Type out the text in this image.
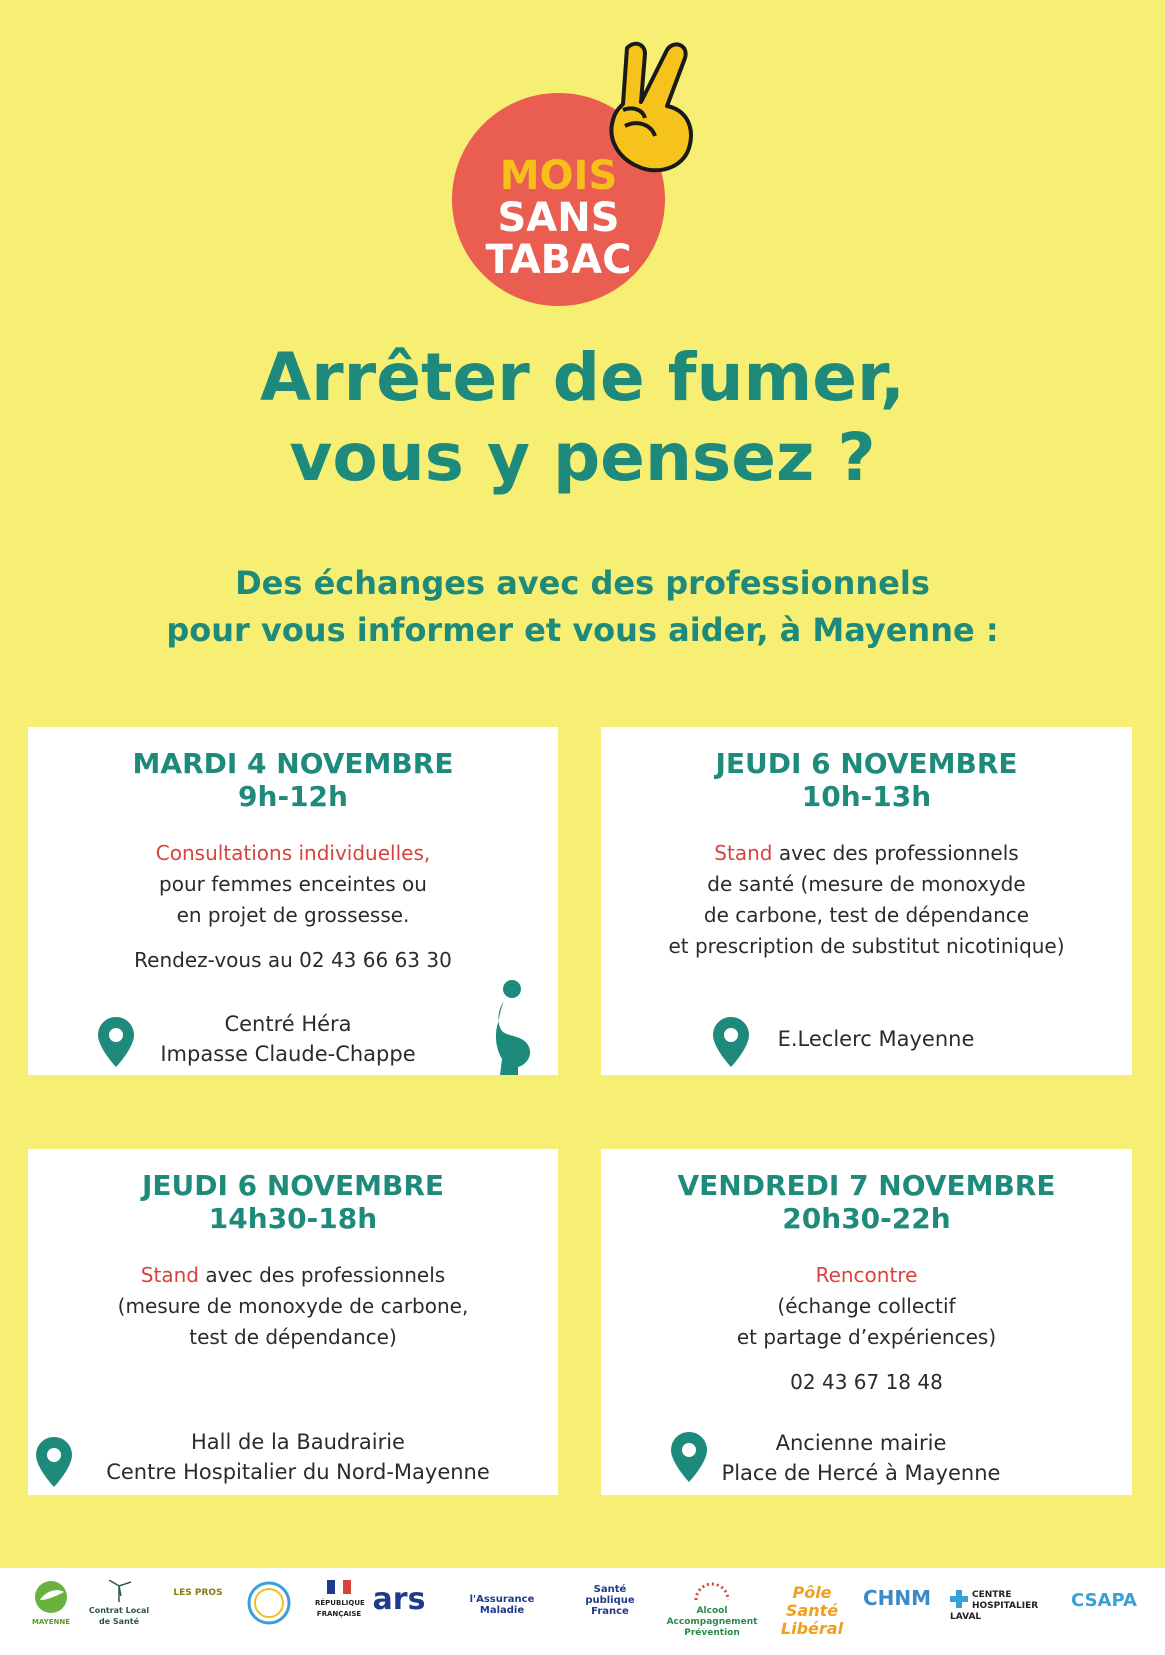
MOIS
SANS
TABAC
Arrêter de fumer,
vous y pensez ?
Des échanges avec des professionnels
pour vous informer et vous aider, à Mayenne :
MARDI 4 NOVEMBRE
9h-12h
Consultations individuelles,
pour femmes enceintes ou
en projet de grossesse.
Rendez-vous au 02 43 66 63 30
Centré Héra
Impasse Claude-Chappe
JEUDI 6 NOVEMBRE
10h-13h
Stand avec des professionnels
de santé (mesure de monoxyde
de carbone, test de dépendance
et prescription de substitut nicotinique)
E.Leclerc Mayenne
JEUDI 6 NOVEMBRE
14h30-18h
Stand avec des professionnels
(mesure de monoxyde de carbone,
test de dépendance)
Hall de la Baudrairie
Centre Hospitalier du Nord-Mayenne
VENDREDI 7 NOVEMBRE
20h30-22h
Rencontre
(échange collectif
et partage d’expériences)
02 43 67 18 48
Ancienne mairie
Place de Hercé à Mayenne
MAYENNE
Contrat Local de Santé
LES PROS
RÉPUBLIQUE FRANÇAISE ars	l'Assurance Maladie
Santé publique France	Alcool Accompagnement Prévention
Pôle Santé Libéral
CHNM	CENTRE HOSPITALIER LAVAL
CSAPA
